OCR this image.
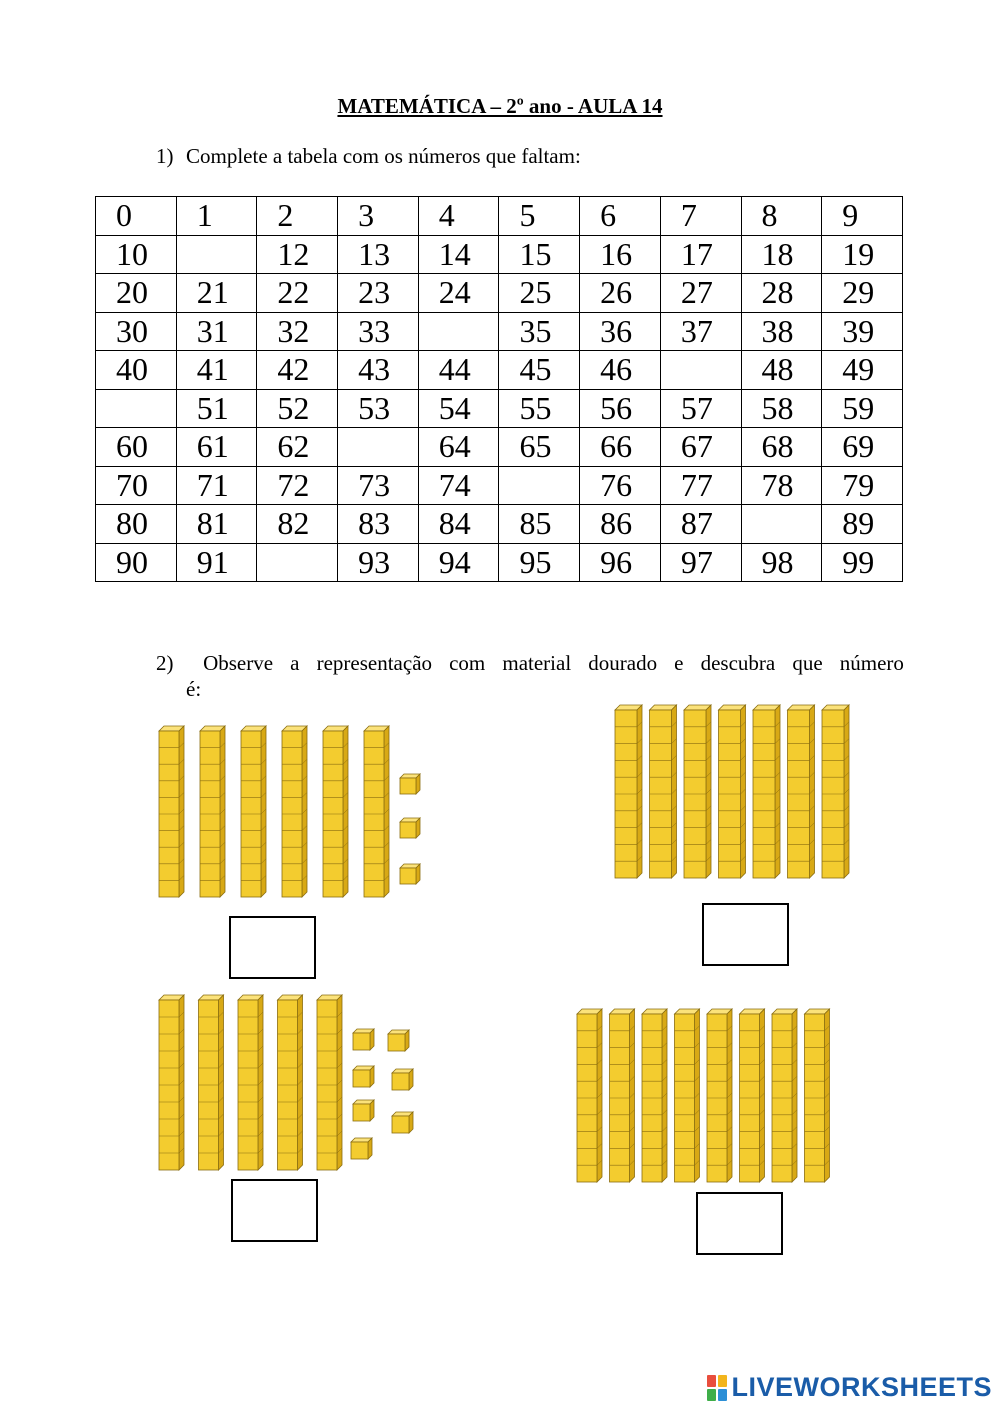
MATEMÁTICA – 2º ano - AULA 14
1) Complete a tabela com os números que faltam:
0	1	2	3	4	5	6	7	8	9
10		12	13	14	15	16	17	18	19
20	21	22	23	24	25	26	27	28	29
30	31	32	33		35	36	37	38	39
40	41	42	43	44	45	46		48	49
	51	52	53	54	55	56	57	58	59
60	61	62		64	65	66	67	68	69
70	71	72	73	74		76	77	78	79
80	81	82	83	84	85	86	87		89
90	91		93	94	95	96	97	98	99
2)	Observe a representação com material dourado e descubra que número
é:
LIVEWORKSHEETS
